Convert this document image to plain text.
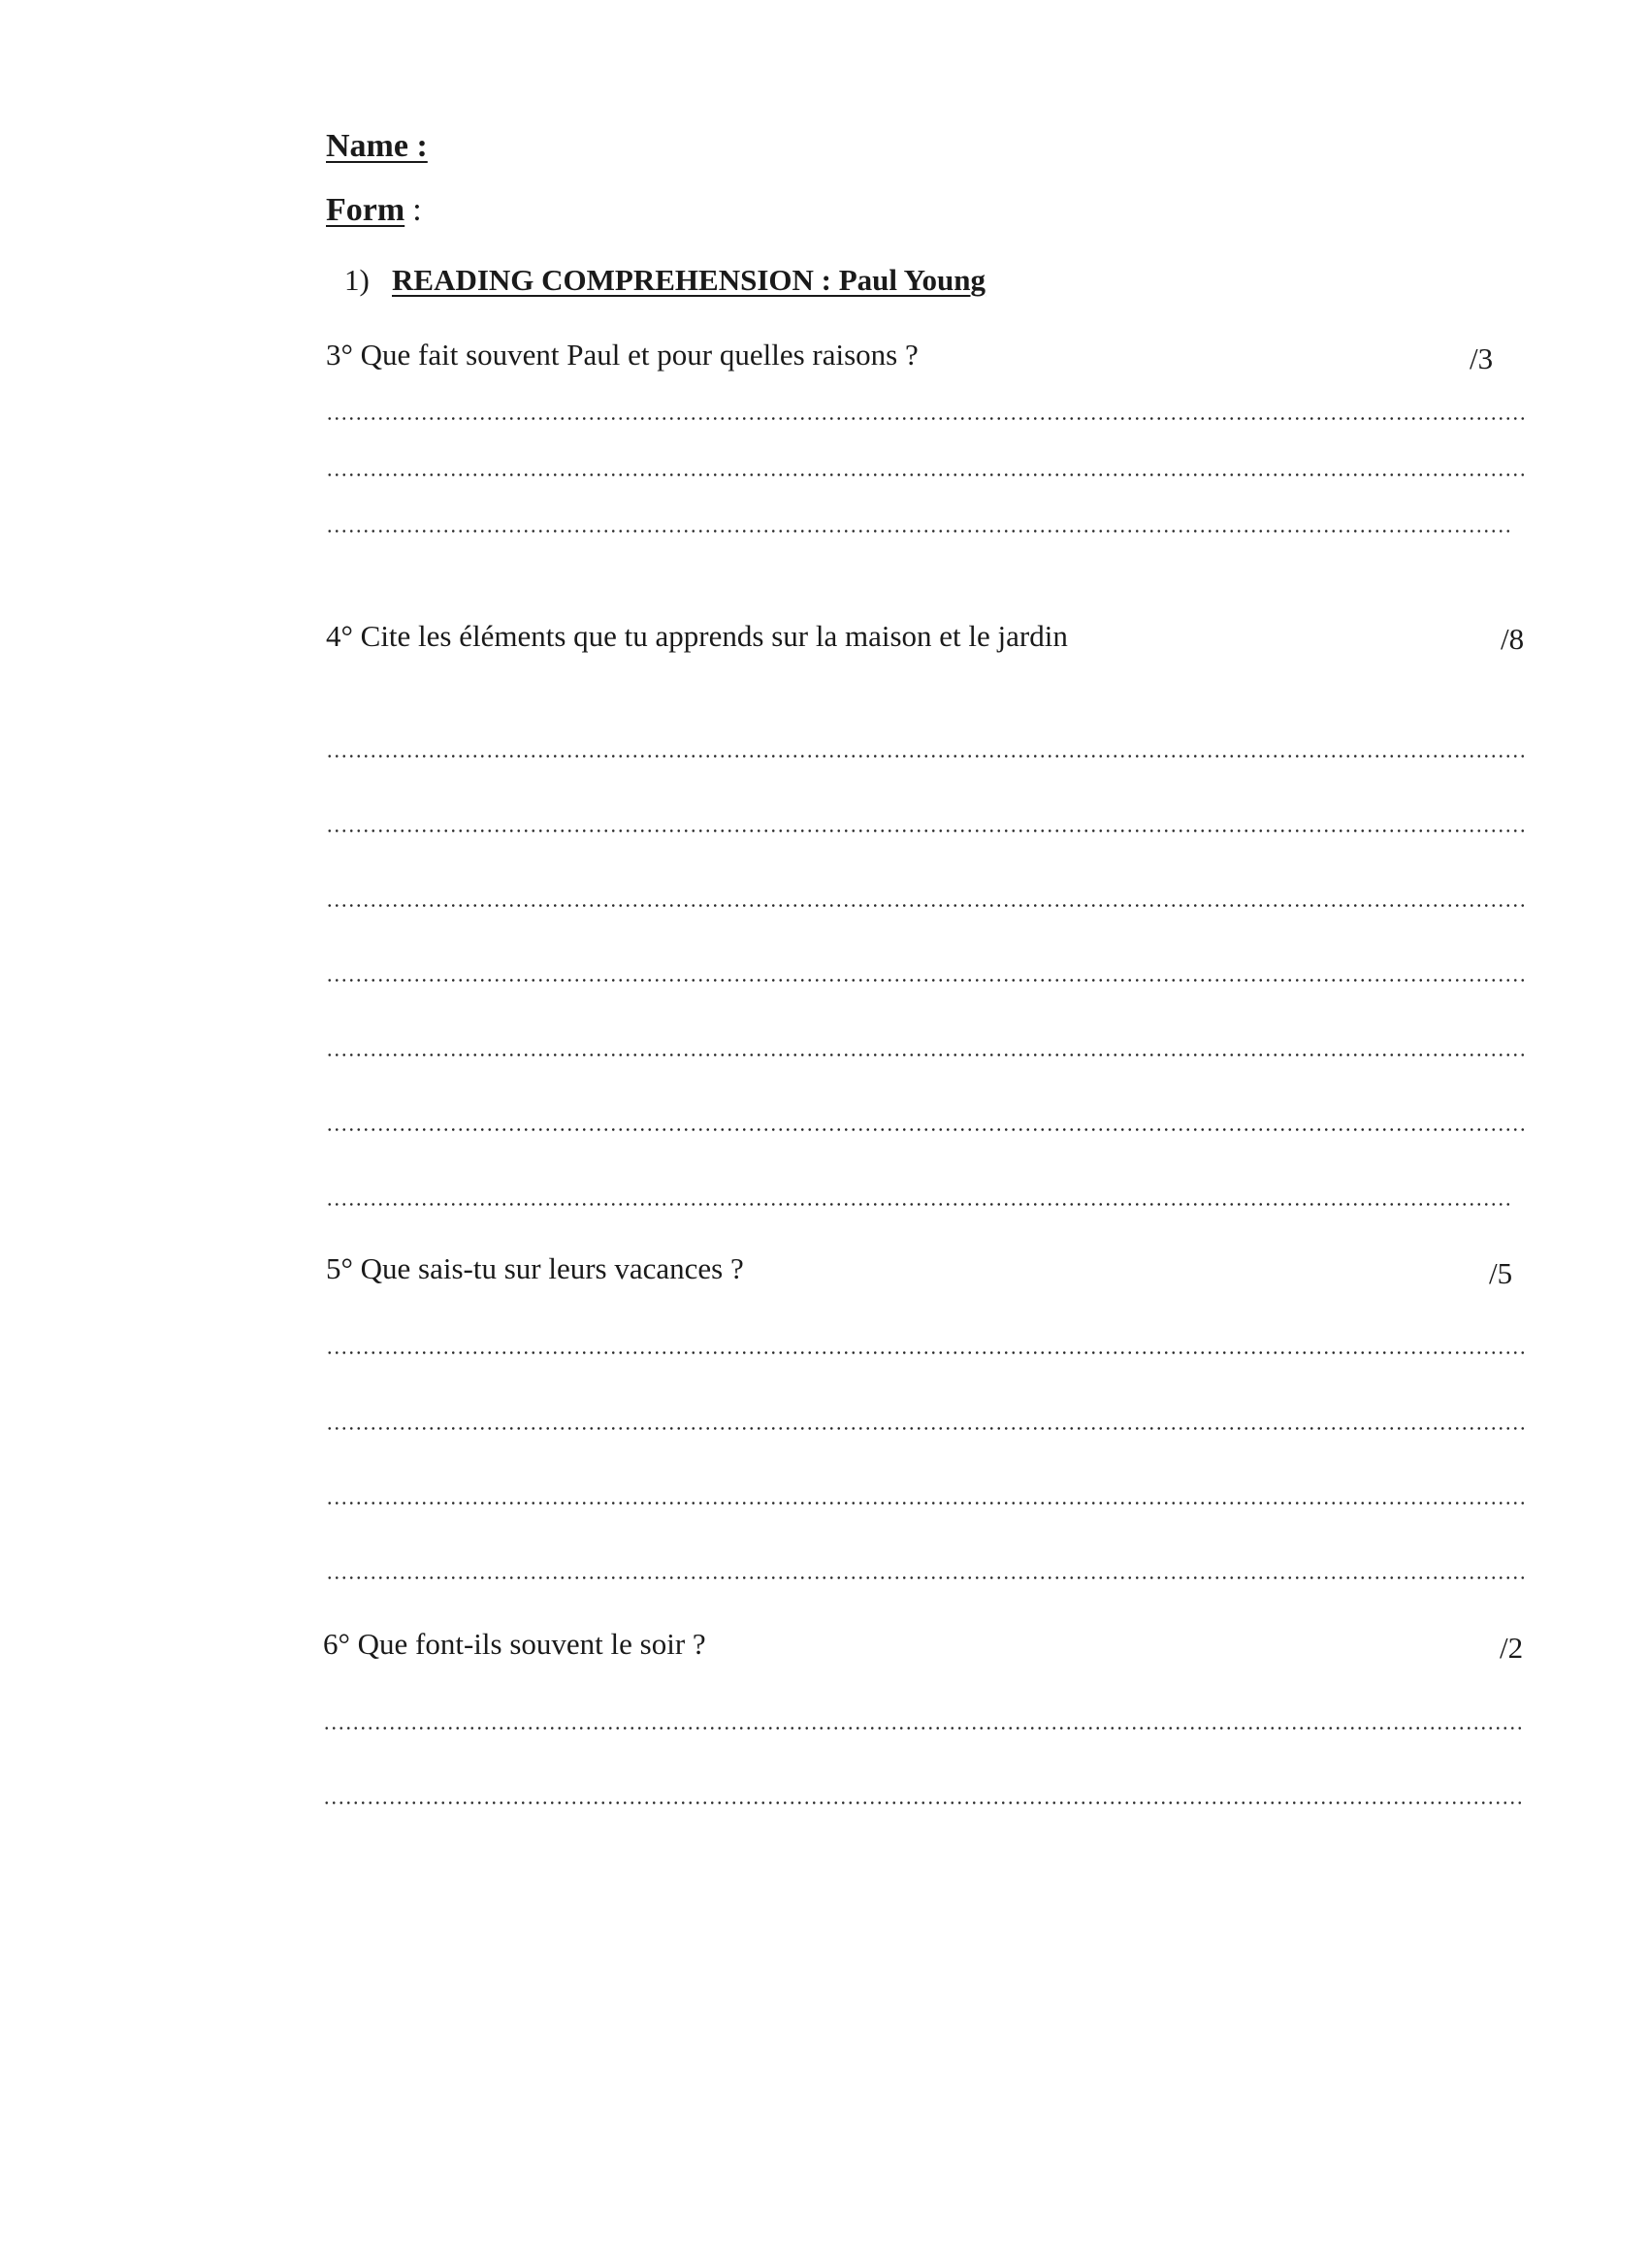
Name :
Form :
1) READING COMPREHENSION : Paul Young
3° Que fait souvent Paul et pour quelles raisons ?	/3
4° Cite les éléments que tu apprends sur la maison et le jardin	/8
5° Que sais-tu sur leurs vacances ?	/5
6° Que font-ils souvent le soir ?	/2
